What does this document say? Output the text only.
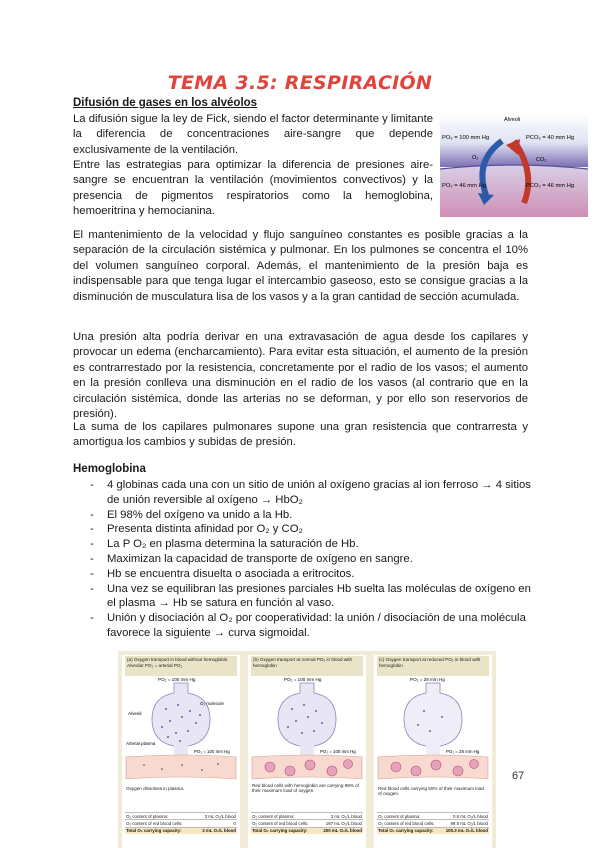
TEMA 3.5: RESPIRACIÓN
Difusión de gases en los alvéolos

La difusión sigue la ley de Fick, siendo el factor determinante y limitante la diferencia de concentraciones aire-sangre que depende exclusivamente de la ventilación.

Entre las estrategias para optimizar la diferencia de presiones aire-sangre se encuentran la ventilación (movimientos convectivos) y la presencia de pigmentos respiratorios como la hemoglobina, hemoeritrina y hemocianina.

Alveoli
PO₂ = 100 mm Hg	PCO₂ = 40 mm Hg
O₂	CO₂
PO₂ = 46 mm Hg	PCO₂ = 46 mm Hg

El mantenimiento de la velocidad y flujo sanguíneo constantes es posible gracias a la separación de la circulación sistémica y pulmonar. En los pulmones se concentra el 10% del volumen sanguíneo corporal. Además, el mantenimiento de la presión baja es indispensable para que tenga lugar el intercambio gaseoso, esto se consigue gracias a la disminución de musculatura lisa de los vasos y a la gran cantidad de sección acumulada.

Una presión alta podría derivar en una extravasación de agua desde los capilares y provocar un edema (encharcamiento). Para evitar esta situación, el aumento de la presión es contrarrestado por la resistencia, concretamente por el radio de los vasos; el aumento en la presión conlleva una disminución en el radio de los vasos (al contrario que en la circulación sistémica, donde las arterias no se deforman, y por ello son reservorios de presión).

La suma de los capilares pulmonares supone una gran resistencia que contrarresta y amortigua los cambios y subidas de presión.

Hemoglobina
- 4 globinas cada una con un sitio de unión al oxígeno gracias al ion ferroso → 4 sitios de unión reversible al oxígeno → HbO₂
- El 98% del oxígeno va unido a la Hb.
- Presenta distinta afinidad por O₂ y CO₂
- La P O₂ en plasma determina la saturación de Hb.
- Maximizan la capacidad de transporte de oxígeno en sangre.
- Hb se encuentra disuelta o asociada a eritrocitos.
- Una vez se equilibran las presiones parciales Hb suelta las moléculas de oxígeno en el plasma → Hb se satura en función al vaso.
- Unión y disociación al O₂ por cooperatividad: la unión / disociación de una molécula favorece la siguiente → curva sigmoidal.
(a) Oxygen transport in blood without hemoglobin. Alveolar PO₂ = arterial PO₂
PO₂ = 100 mm Hg
Alveoli
O₂ molecule
Arterial plasma
PO₂ = 100 mm Hg
Oxygen dissolves in plasma.
O₂ content of plasma:	3 mL O₂/L blood
O₂ content of red blood cells:	0
Total O₂ carrying capacity:	3 mL O₂/L blood
(b) Oxygen transport at normal PO₂ in blood with hemoglobin
PO₂ = 100 mm Hg
PO₂ = 100 mm Hg
Red blood cells with hemoglobin are carrying 98% of their maximum load of oxygen.
O₂ content of plasma:	3 mL O₂/L blood
O₂ content of red blood cells:	197 mL O₂/L blood
Total O₂ carrying capacity:	200 mL O₂/L blood
(c) Oxygen transport at reduced PO₂ in blood with hemoglobin
PO₂ = 28 mm Hg
PO₂ = 28 mm Hg
Red blood cells carrying 50% of their maximum load of oxygen.
O₂ content of plasma:	0.8 mL O₂/L blood
O₂ content of red blood cells:	99.5 mL O₂/L blood
Total O₂ carrying capacity:	100.3 mL O₂/L blood
67
